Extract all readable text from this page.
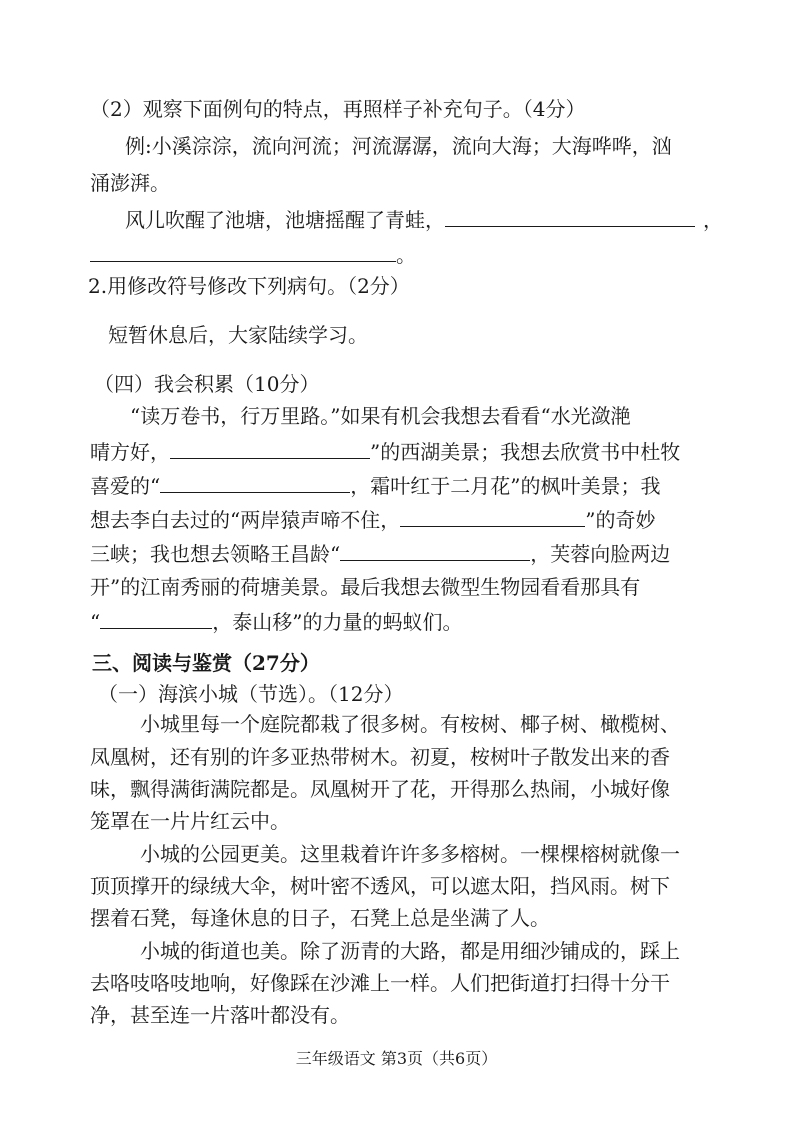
（2）观察下面例句的特点，再照样子补充句子。（4分）
例:小溪淙淙，流向河流；河流潺潺，流向大海；大海哗哗，汹
涌澎湃。
风儿吹醒了池塘，池塘摇醒了青蛙，	，
。
2.用修改符号修改下列病句。（2分）
短暂休息后，大家陆续学习。
（四）我会积累（10分）
“读万卷书，行万里路。”如果有机会我想去看看“水光潋滟
晴方好，	”的西湖美景；我想去欣赏书中杜牧
喜爱的“	，霜叶红于二月花”的枫叶美景；我
想去李白去过的“两岸猿声啼不住，	”的奇妙
三峡；我也想去领略王昌龄“	，芙蓉向脸两边
开”的江南秀丽的荷塘美景。最后我想去微型生物园看看那具有
“	，泰山移”的力量的蚂蚁们。
三、阅读与鉴赏（27分）
（一）海滨小城（节选）。（12分）
小城里每一个庭院都栽了很多树。有桉树、椰子树、橄榄树、
凤凰树，还有别的许多亚热带树木。初夏，桉树叶子散发出来的香
味，飘得满街满院都是。凤凰树开了花，开得那么热闹，小城好像
笼罩在一片片红云中。
小城的公园更美。这里栽着许许多多榕树。一棵棵榕树就像一
顶顶撑开的绿绒大伞，树叶密不透风，可以遮太阳，挡风雨。树下
摆着石凳，每逢休息的日子，石凳上总是坐满了人。
小城的街道也美。除了沥青的大路，都是用细沙铺成的，踩上
去咯吱咯吱地响，好像踩在沙滩上一样。人们把街道打扫得十分干
净，甚至连一片落叶都没有。
三年级语文 第3页（共6页）
